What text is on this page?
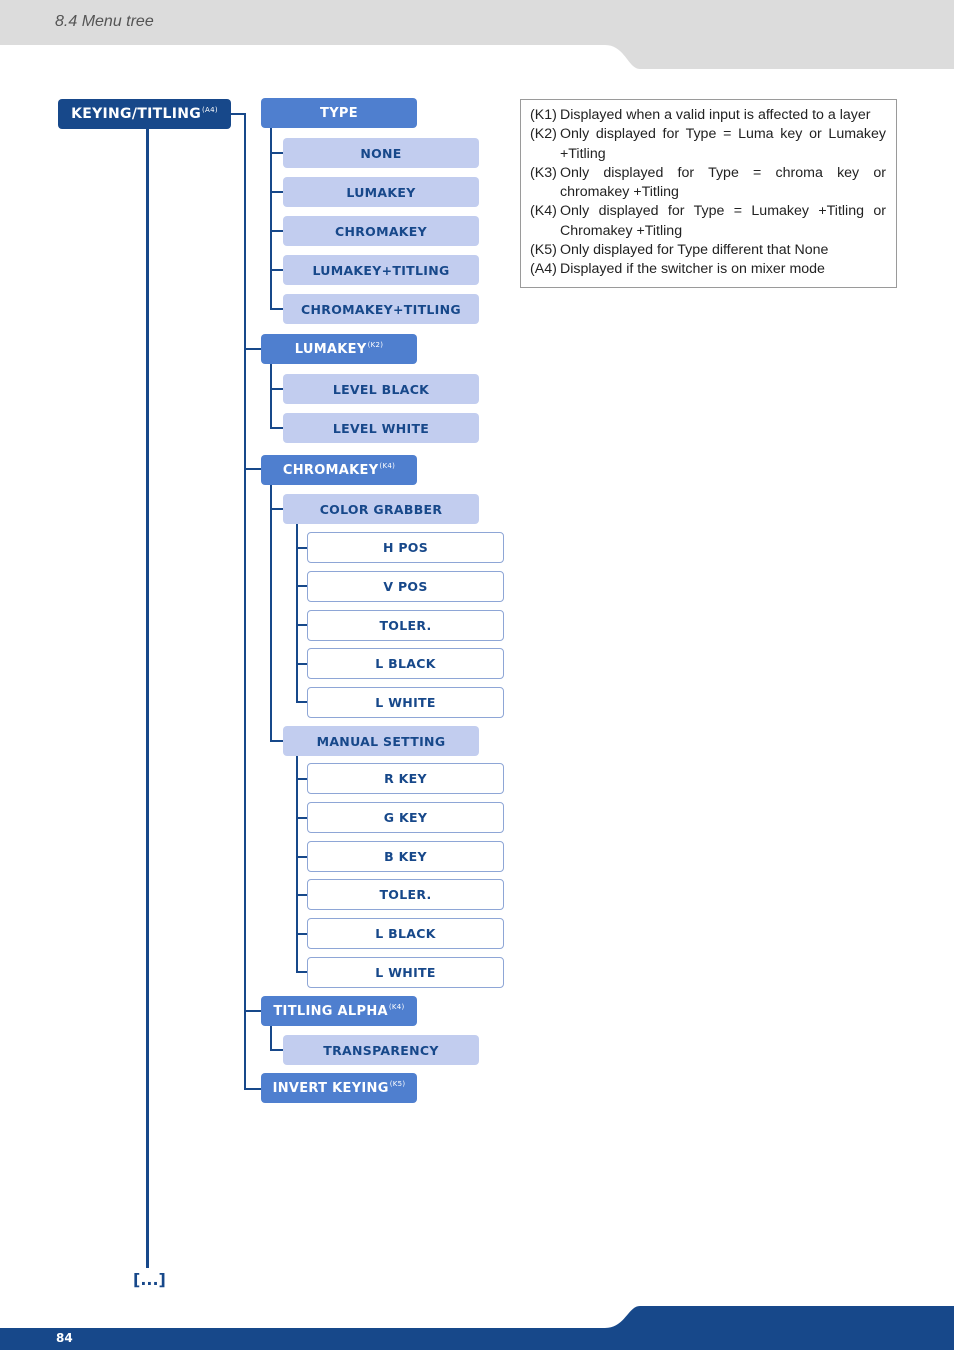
8.4 Menu tree
KEYING/$TITLING^{(A4)}$	TYPE
NONE
LUMAKEY
CHROMAKEY
LUMAKEY+TITLING
CHROMAKEY+TITLING
$LUMAKEY^{(K2)}$
LEVEL BLACK
LEVEL WHITE
$CHROMAKEY^{(K4)}$
COLOR GRABBER
H POS
V POS
TOLER.
L BLACK
L WHITE
MANUAL SETTING
R KEY
G KEY
B KEY
TOLER.
L BLACK
L WHITE
TITLING $ALPHA^{(K4)}$
TRANSPARENCY
INVERT $KEYING^{(K5)}$
[...]
(K1) Displayed when a valid input is affected to a layer
(K2) Only displayed for Type = Luma key or Lumakey +Titling
(K3) Only displayed for Type = chroma key or chromakey +Titling
(K4) Only displayed for Type = Lumakey +Titling or Chromakey +Titling
(K5) Only displayed for Type different that None
(A4) Displayed if the switcher is on mixer mode
84
